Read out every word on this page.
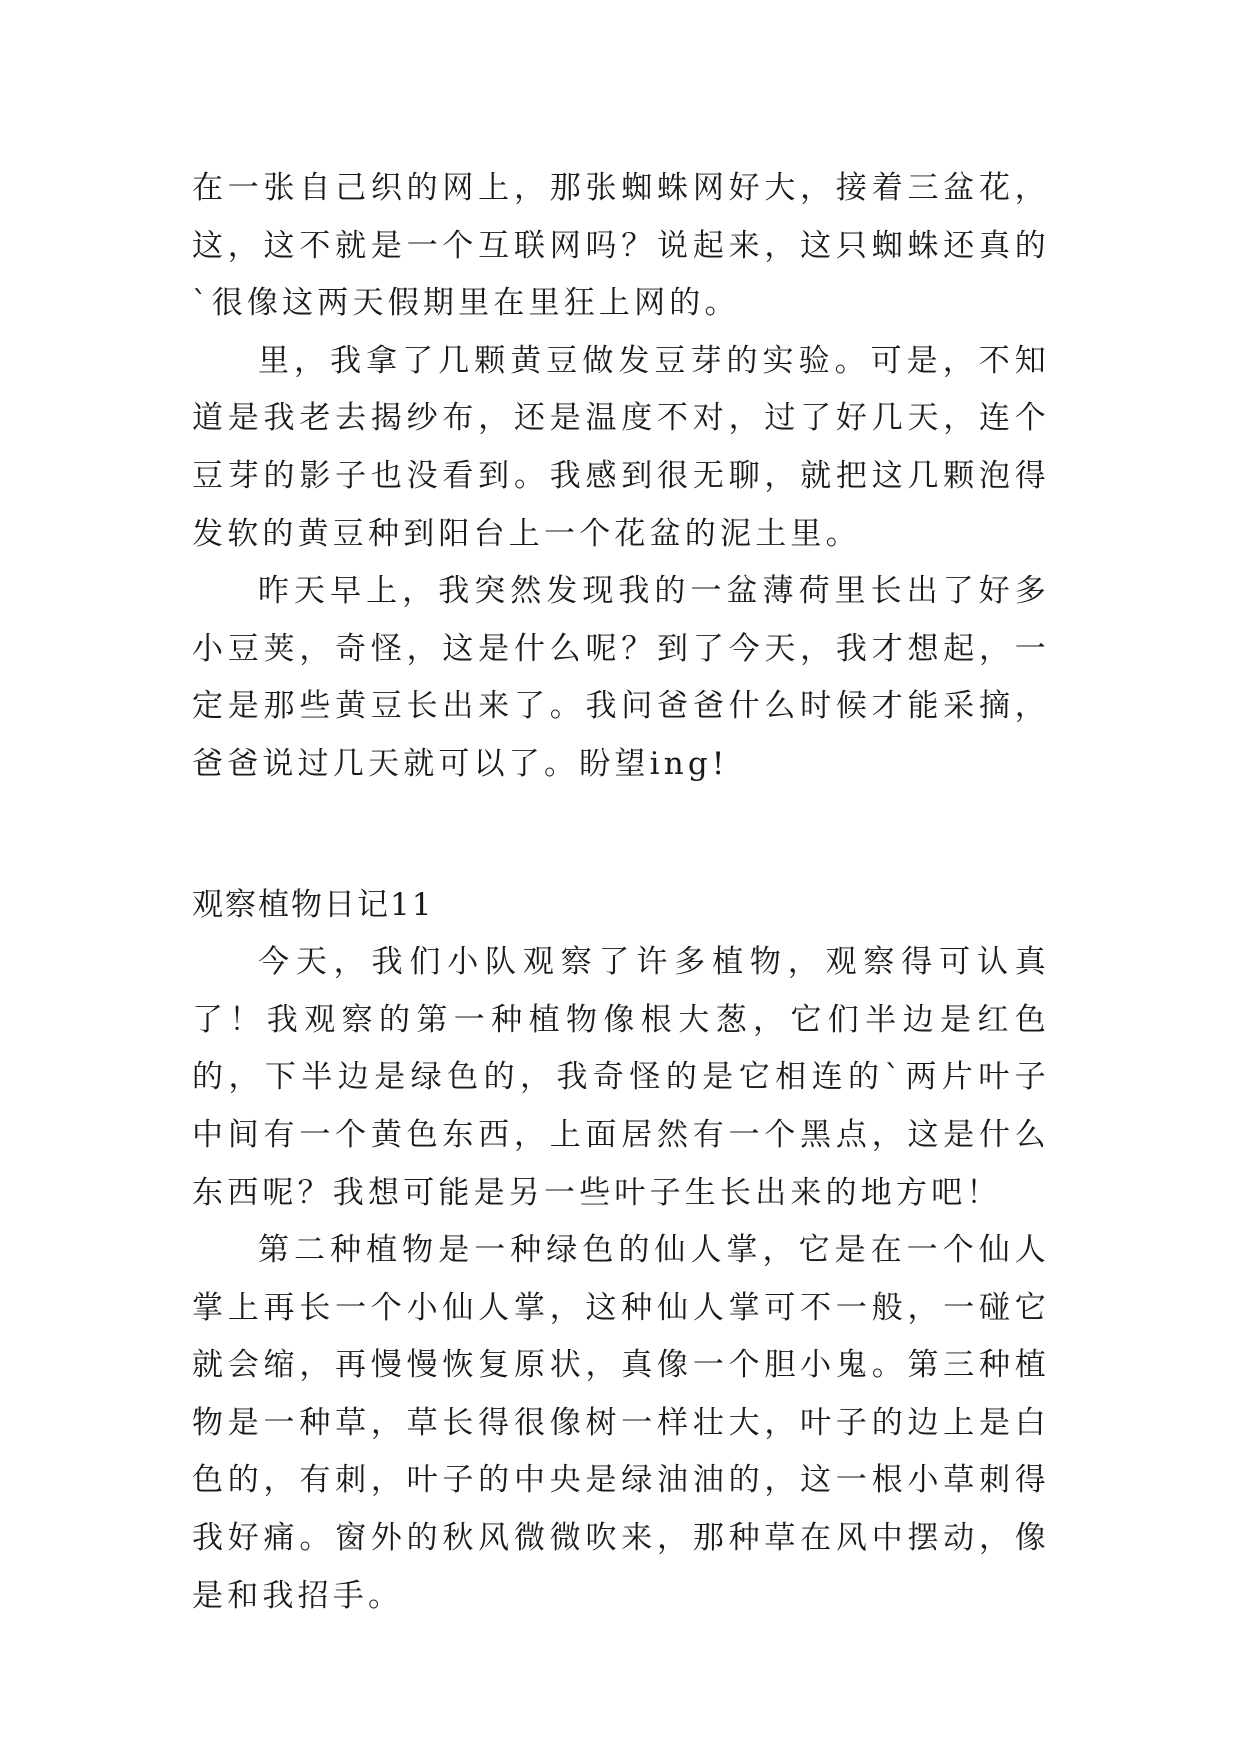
在一张自己织的网上，那张蜘蛛网好大，接着三盆花，这，这不就是一个互联网吗？说起来，这只蜘蛛还真的`很像这两天假期里在里狂上网的。

里，我拿了几颗黄豆做发豆芽的实验。可是，不知道是我老去揭纱布，还是温度不对，过了好几天，连个豆芽的影子也没看到。我感到很无聊，就把这几颗泡得发软的黄豆种到阳台上一个花盆的泥土里。

昨天早上，我突然发现我的一盆薄荷里长出了好多小豆荚，奇怪，这是什么呢？到了今天，我才想起，一定是那些黄豆长出来了。我问爸爸什么时候才能采摘，爸爸说过几天就可以了。盼望ing!

观察植物日记11

今天，我们小队观察了许多植物，观察得可认真了！我观察的第一种植物像根大葱，它们半边是红色的，下半边是绿色的，我奇怪的是它相连的`两片叶子中间有一个黄色东西，上面居然有一个黑点，这是什么东西呢？我想可能是另一些叶子生长出来的地方吧！

第二种植物是一种绿色的仙人掌，它是在一个仙人掌上再长一个小仙人掌，这种仙人掌可不一般，一碰它就会缩，再慢慢恢复原状，真像一个胆小鬼。第三种植物是一种草，草长得很像树一样壮大，叶子的边上是白色的，有刺，叶子的中央是绿油油的，这一根小草刺得我好痛。窗外的秋风微微吹来，那种草在风中摆动，像是和我招手。
